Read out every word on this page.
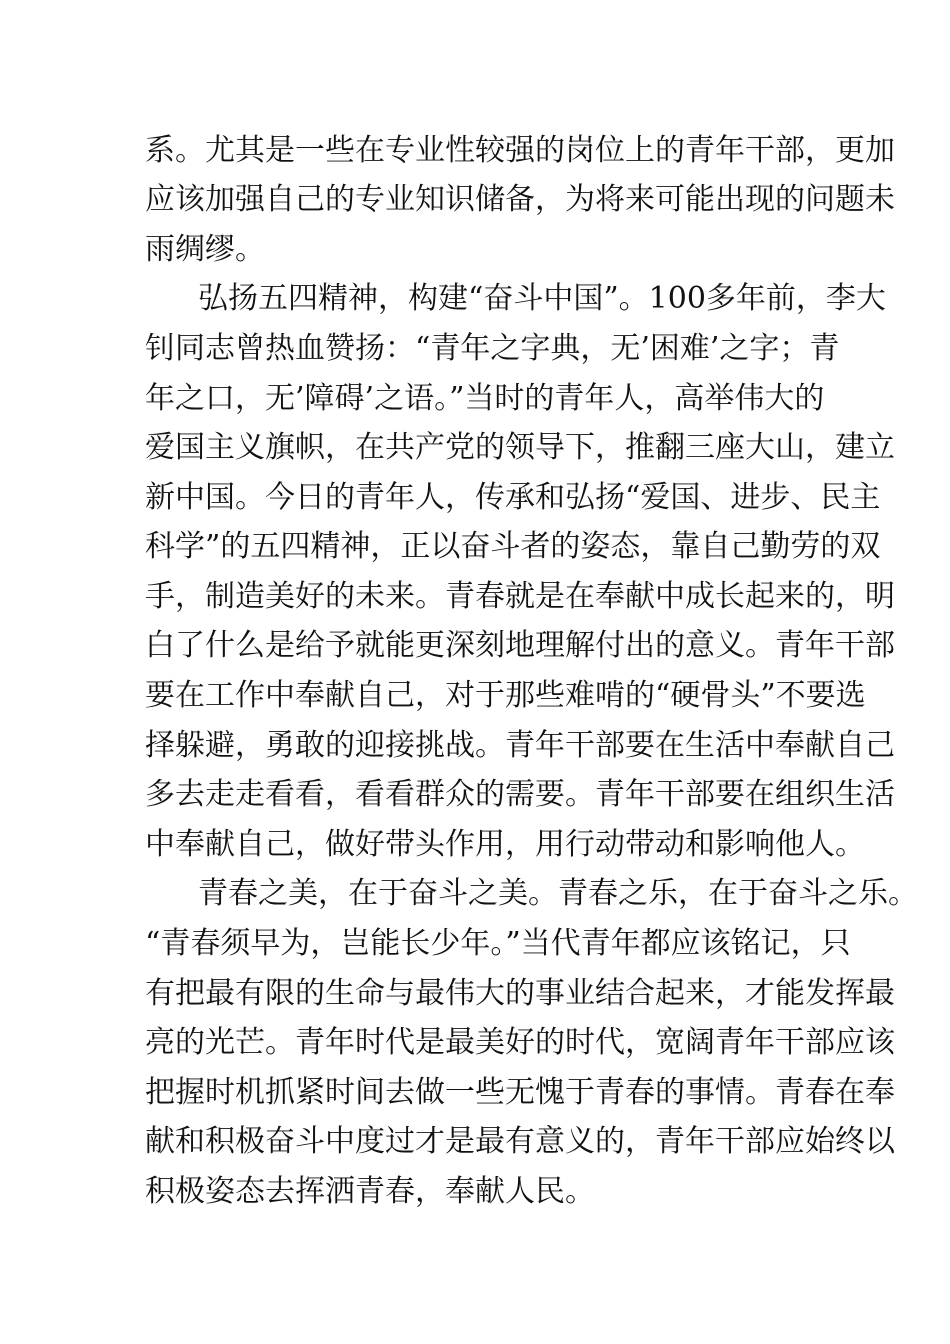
系。尤其是一些在专业性较强的岗位上的青年干部，更加
应该加强自己的专业知识储备，为将来可能出现的问题未
雨绸缪。
弘扬五四精神，构建“奋斗中国”。100多年前，李大
钊同志曾热血赞扬：“青年之字典，无’困难’之字；青
年之口，无’障碍’之语。”当时的青年人，高举伟大的
爱国主义旗帜，在共产党的领导下，推翻三座大山，建立
新中国。今日的青年人，传承和弘扬“爱国、进步、民主
科学”的五四精神，正以奋斗者的姿态，靠自己勤劳的双
手，制造美好的未来。青春就是在奉献中成长起来的，明
白了什么是给予就能更深刻地理解付出的意义。青年干部
要在工作中奉献自己，对于那些难啃的“硬骨头”不要选
择躲避，勇敢的迎接挑战。青年干部要在生活中奉献自己
多去走走看看，看看群众的需要。青年干部要在组织生活
中奉献自己，做好带头作用，用行动带动和影响他人。
青春之美，在于奋斗之美。青春之乐，在于奋斗之乐。
“青春须早为，岂能长少年。”当代青年都应该铭记，只
有把最有限的生命与最伟大的事业结合起来，才能发挥最
亮的光芒。青年时代是最美好的时代，宽阔青年干部应该
把握时机抓紧时间去做一些无愧于青春的事情。青春在奉
献和积极奋斗中度过才是最有意义的，青年干部应始终以
积极姿态去挥洒青春，奉献人民。
